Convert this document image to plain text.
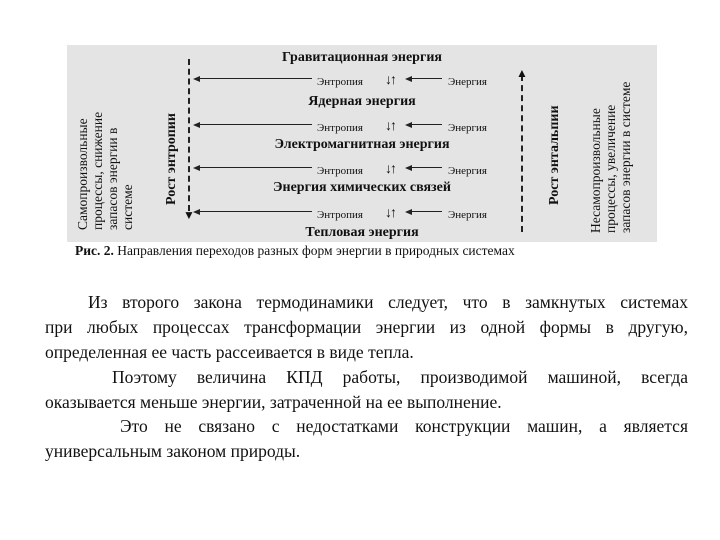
Гравитационная энергия
Ядерная энергия
Электромагнитная энергия
Энергия химических связей
Тепловая энергия
Энтропия ↓↑	Энергия
Энтропия ↓↑	Энергия
Энтропия ↓↑	Энергия
Энтропия ↓↑	Энергия
▼
▲
Рост энтропии	Рост энтальпии
Самопроизвольные процессы, снижение запасов энергии в системе	Несамопроизвольные процессы, увеличение запасов энергии в системе
Рис. 2. Направления переходов разных форм энергии в природных системах
Из второго закона термодинамики следует, что в замкнутых системах
при любых процессах трансформации энергии из одной формы в другую,
определенная ее часть рассеивается в виде тепла.
Поэтому величина КПД работы, производимой машиной, всегда
оказывается меньше энергии, затраченной на ее выполнение.
Это не связано с недостатками конструкции машин, а является
универсальным законом природы.
